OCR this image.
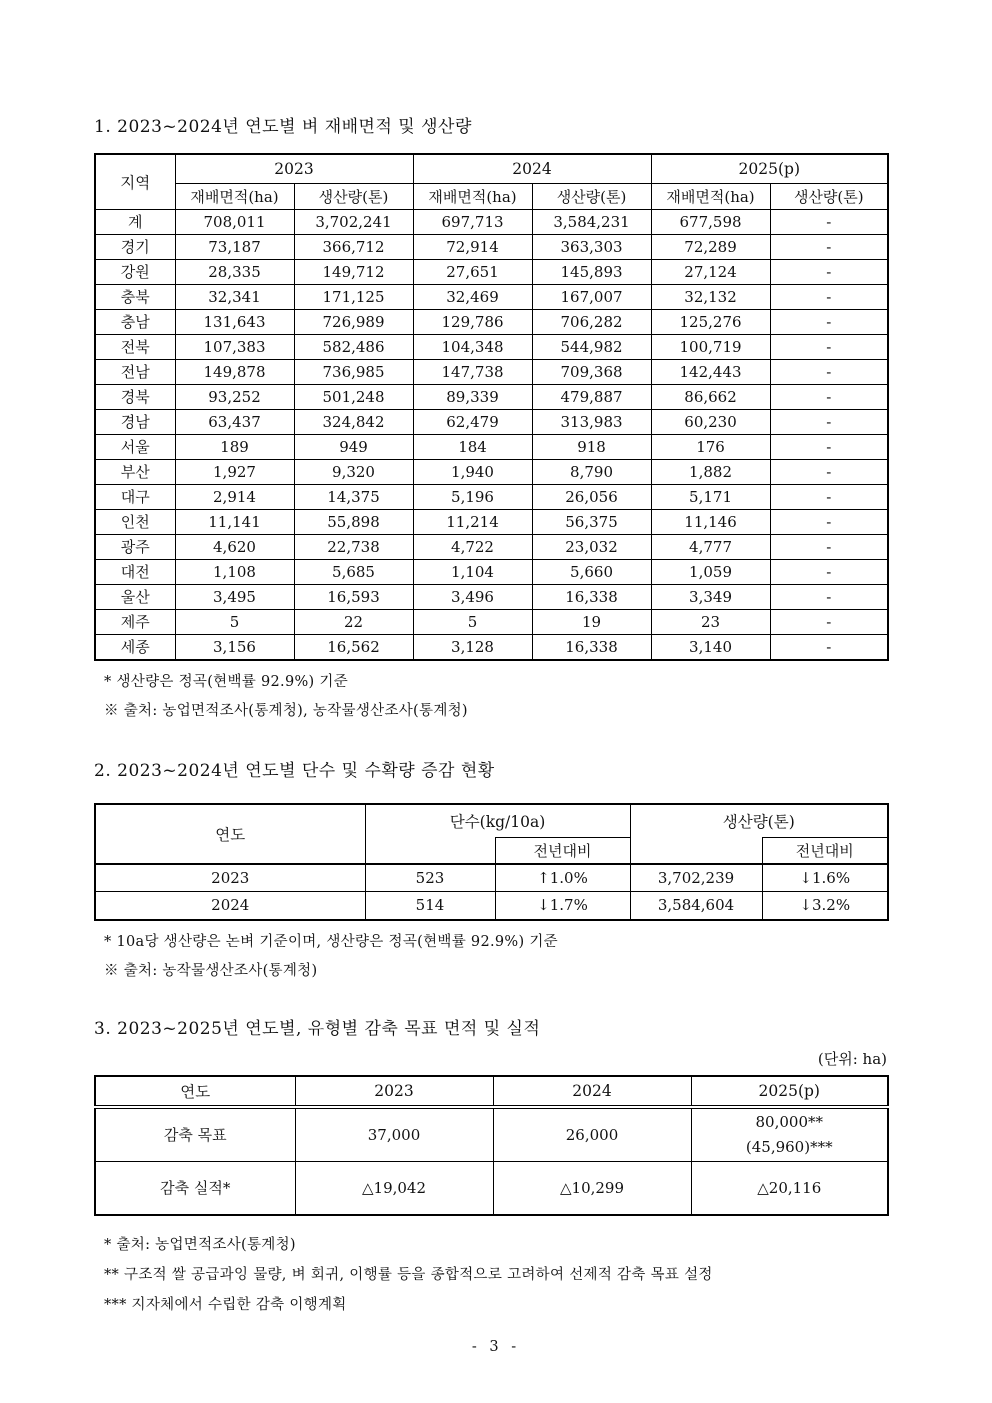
1. 2023~2024년 연도별 벼 재배면적 및 생산량
지역	2023		2024		2025(p)	
	재배면적(ha)	생산량(톤)	재배면적(ha)	생산량(톤)	재배면적(ha)	생산량(톤)
계	708,011	3,702,241	697,713	3,584,231	677,598	-
경기	73,187	366,712	72,914	363,303	72,289	-
강원	28,335	149,712	27,651	145,893	27,124	-
충북	32,341	171,125	32,469	167,007	32,132	-
충남	131,643	726,989	129,786	706,282	125,276	-
전북	107,383	582,486	104,348	544,982	100,719	-
전남	149,878	736,985	147,738	709,368	142,443	-
경북	93,252	501,248	89,339	479,887	86,662	-
경남	63,437	324,842	62,479	313,983	60,230	-
서울	189	949	184	918	176	-
부산	1,927	9,320	1,940	8,790	1,882	-
대구	2,914	14,375	5,196	26,056	5,171	-
인천	11,141	55,898	11,214	56,375	11,146	-
광주	4,620	22,738	4,722	23,032	4,777	-
대전	1,108	5,685	1,104	5,660	1,059	-
울산	3,495	16,593	3,496	16,338	3,349	-
제주	5	22	5	19	23	-
세종	3,156	16,562	3,128	16,338	3,140	-
* 생산량은 정곡(현백률 92.9%) 기준
※ 출처: 농업면적조사(통계청), 농작물생산조사(통계청)
2. 2023~2024년 연도별 단수 및 수확량 증감 현황
연도	단수(kg/10a)		생산량(톤)	
		전년대비		전년대비
2023	523	↑1.0%	3,702,239	↓1.6%
2024	514	↓1.7%	3,584,604	↓3.2%
* 10a당 생산량은 논벼 기준이며, 생산량은 정곡(현백률 92.9%) 기준
※ 출처: 농작물생산조사(통계청)
3. 2023~2025년 연도별, 유형별 감축 목표 면적 및 실적
(단위: ha)
연도	2023	2024	2025(p)
감축 목표	37,000	26,000	80,000**
(45,960)***

감축 실적*	△19,042	△10,299	△20,116
* 출처: 농업면적조사(통계청)
** 구조적 쌀 공급과잉 물량, 벼 회귀, 이행률 등을 종합적으로 고려하여 선제적 감축 목표 설정
*** 지자체에서 수립한 감축 이행계획
- 3 -
